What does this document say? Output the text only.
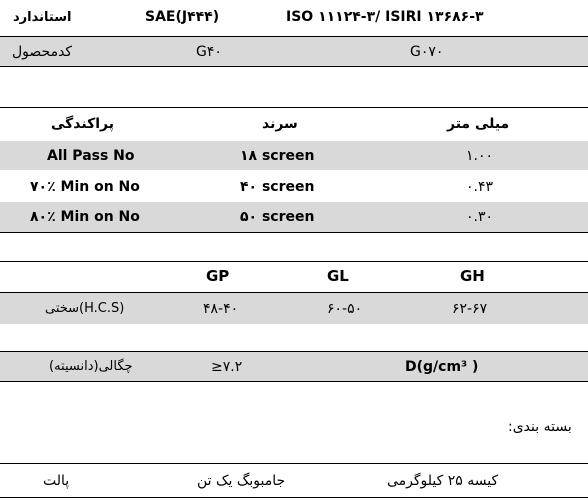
ISO ۱۱۱۲۴-۳/ ISIRI ۱۳۶۸۶-۳
SAE(J۴۴۴)
استاندارد
G۰۷۰
G۴۰
کدمحصول
میلی متر
سرند
پراکندگی
۱.۰۰
۱۸ screen
All Pass No
۰.۴۳
۴۰ screen
۷۰٪ Min on No
۰.۳۰
۵۰ screen
۸۰٪ Min on No
GH
GL
GP
۶۲-۶۷
۶۰-۵۰
۴۸-۴۰
سختی(H.C.S)
D(g/cm³ )
≥۷.۲
چگالی(دانسیته)
بسته بندی:
کیسه ۲۵ کیلوگرمی
جامبوبگ یک تن
پالت
